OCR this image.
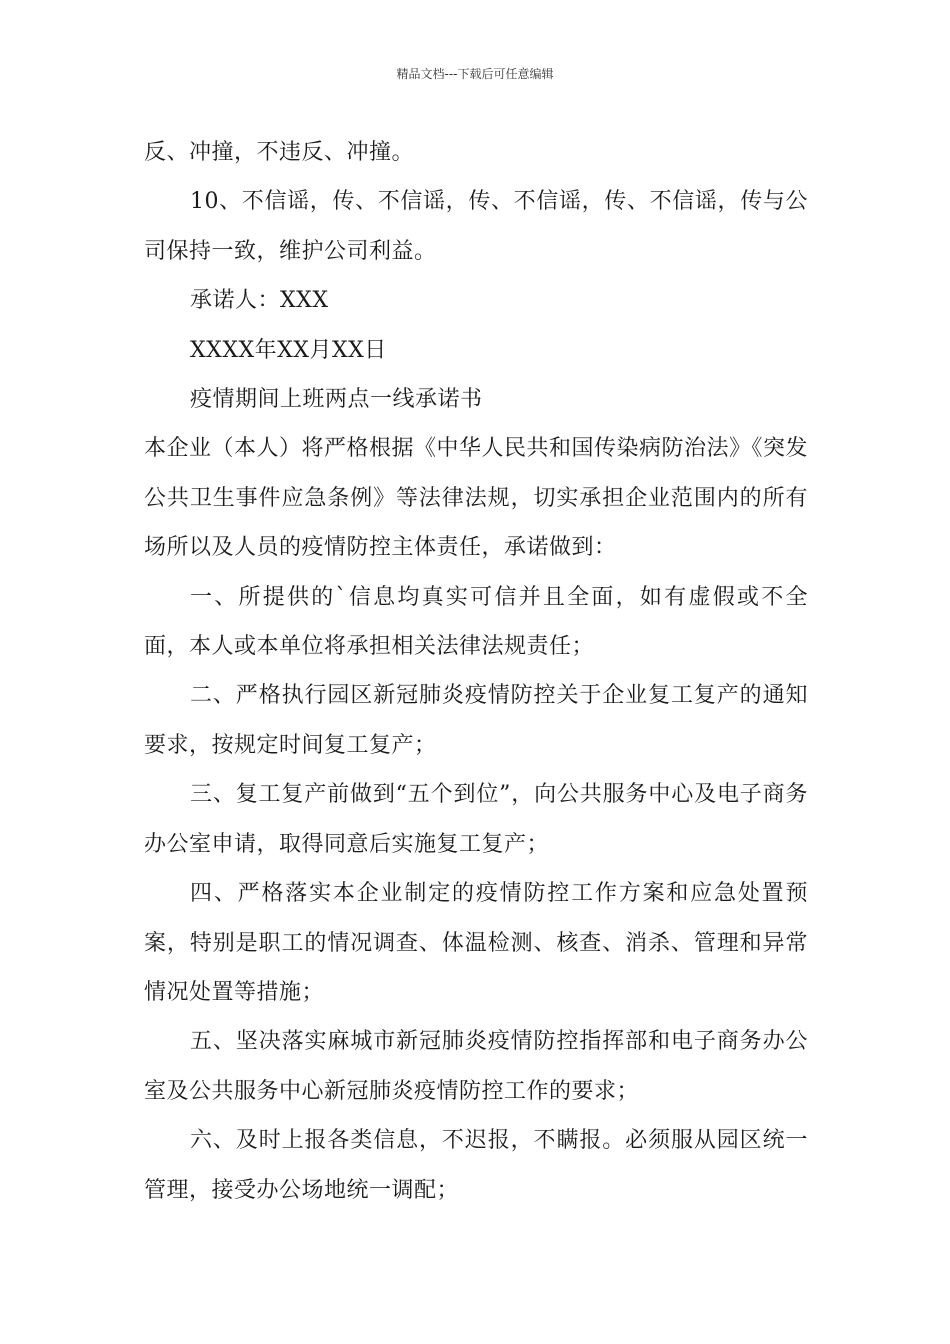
精品文档---下载后可任意编辑

反、冲撞，不违反、冲撞。

10、不信谣，传、不信谣，传、不信谣，传、不信谣，传与公司保持一致，维护公司利益。

承诺人：XXX

XXXX年XX月XX日

疫情期间上班两点一线承诺书

本企业（本人）将严格根据《中华人民共和国传染病防治法》《突发公共卫生事件应急条例》等法律法规，切实承担企业范围内的所有场所以及人员的疫情防控主体责任，承诺做到：

一、所提供的`信息均真实可信并且全面，如有虚假或不全面，本人或本单位将承担相关法律法规责任；

二、严格执行园区新冠肺炎疫情防控关于企业复工复产的通知要求，按规定时间复工复产；

三、复工复产前做到“五个到位”，向公共服务中心及电子商务办公室申请，取得同意后实施复工复产；

四、严格落实本企业制定的疫情防控工作方案和应急处置预案，特别是职工的情况调查、体温检测、核查、消杀、管理和异常情况处置等措施；

五、坚决落实麻城市新冠肺炎疫情防控指挥部和电子商务办公室及公共服务中心新冠肺炎疫情防控工作的要求；

六、及时上报各类信息，不迟报，不瞒报。必须服从园区统一管理，接受办公场地统一调配；
